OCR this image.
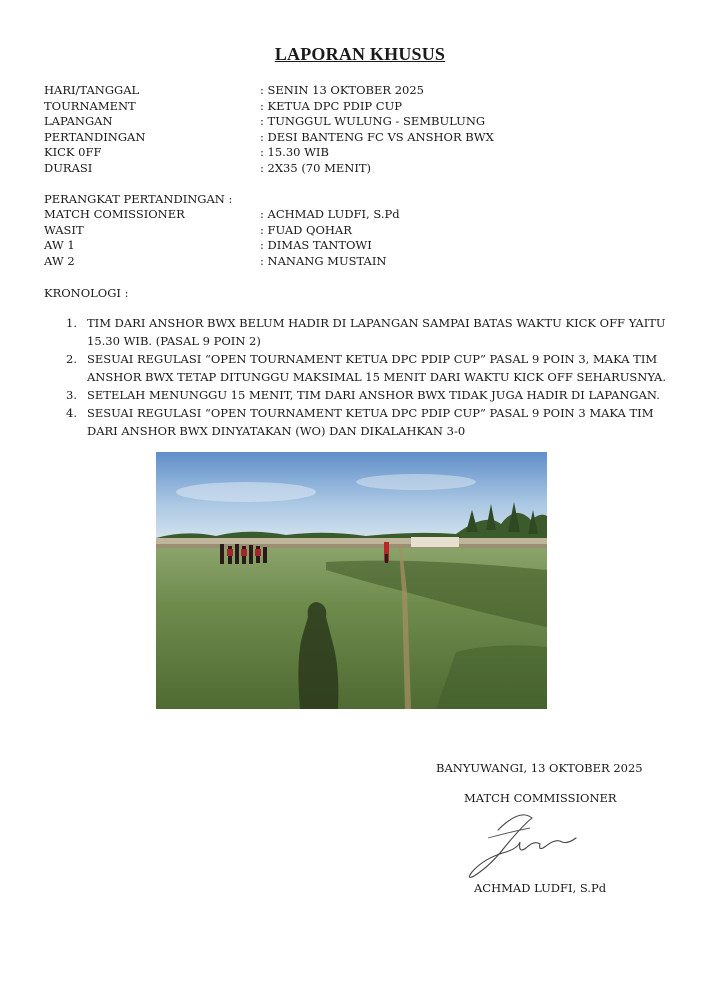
LAPORAN KHUSUS
HARI/TANGGAL	: SENIN 13 OKTOBER 2025
TOURNAMENT	: KETUA DPC PDIP CUP
LAPANGAN	: TUNGGUL WULUNG - SEMBULUNG
PERTANDINGAN	: DESI BANTENG FC VS ANSHOR BWX
KICK 0FF	: 15.30 WIB
DURASI	: 2X35 (70 MENIT)
PERANGKAT PERTANDINGAN :
MATCH COMISSIONER	: ACHMAD LUDFI, S.Pd
WASIT	: FUAD QOHAR
AW 1	: DIMAS TANTOWI
AW 2	: NANANG MUSTAIN
KRONOLOGI :
1. TIM DARI ANSHOR BWX BELUM HADIR DI LAPANGAN SAMPAI BATAS WAKTU KICK OFF YAITU 15.30 WIB. (PASAL 9 POIN 2)
2. SESUAI REGULASI “OPEN TOURNAMENT KETUA DPC PDIP CUP” PASAL 9 POIN 3, MAKA TIM ANSHOR BWX TETAP DITUNGGU MAKSIMAL 15 MENIT DARI WAKTU KICK OFF SEHARUSNYA.
3. SETELAH MENUNGGU 15 MENIT, TIM DARI ANSHOR BWX TIDAK JUGA HADIR DI LAPANGAN.
4. SESUAI REGULASI “OPEN TOURNAMENT KETUA DPC PDIP CUP” PASAL 9 POIN 3 MAKA TIM DARI ANSHOR BWX DINYATAKAN (WO) DAN DIKALAHKAN 3-0
BANYUWANGI, 13 OKTOBER 2025
MATCH COMMISSIONER
ACHMAD LUDFI, S.Pd
